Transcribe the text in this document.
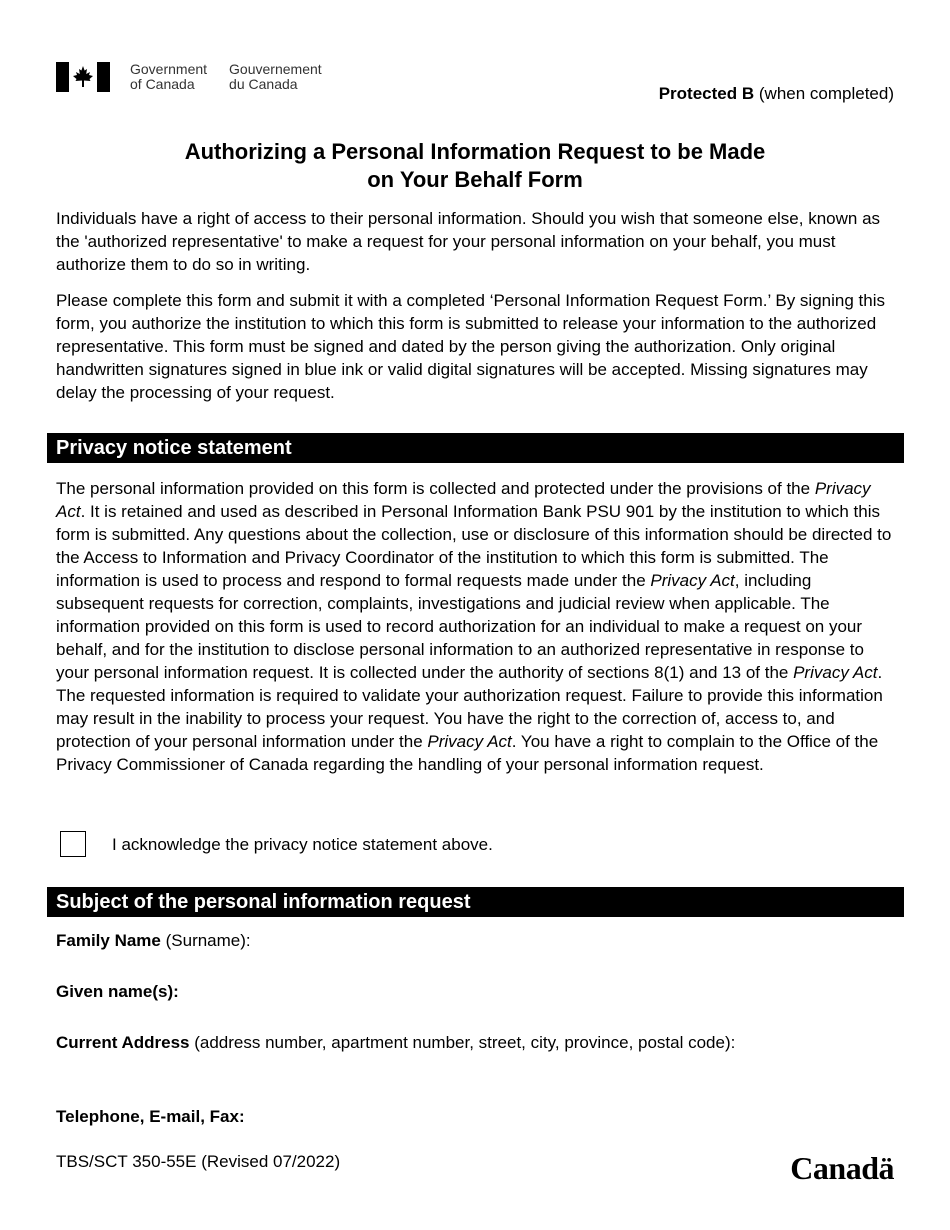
Government
of Canada
Gouvernement
du Canada	Protected B (when completed)
Authorizing a Personal Information Request to be Made
on Your Behalf Form

Individuals have a right of access to their personal information. Should you wish that someone else, known as the 'authorized representative' to make a request for your personal information on your behalf, you must authorize them to do so in writing.

Please complete this form and submit it with a completed ‘Personal Information Request Form.’ By signing this form, you authorize the institution to which this form is submitted to release your information to the authorized representative. This form must be signed and dated by the person giving the authorization. Only original handwritten signatures signed in blue ink or valid digital signatures will be accepted. Missing signatures may delay the processing of your request.

Privacy notice statement

The personal information provided on this form is collected and protected under the provisions of the Privacy Act. It is retained and used as described in Personal Information Bank PSU 901 by the institution to which this form is submitted. Any questions about the collection, use or disclosure of this information should be directed to the Access to Information and Privacy Coordinator of the institution to which this form is submitted. The information is used to process and respond to formal requests made under the Privacy Act, including subsequent requests for correction, complaints, investigations and judicial review when applicable. The information provided on this form is used to record authorization for an individual to make a request on your behalf, and for the institution to disclose personal information to an authorized representative in response to your personal information request. It is collected under the authority of sections 8(1) and 13 of the Privacy Act. The requested information is required to validate your authorization request. Failure to provide this information may result in the inability to process your request. You have the right to the correction of, access to, and protection of your personal information under the Privacy Act. You have a right to complain to the Office of the Privacy Commissioner of Canada regarding the handling of your personal information request.

I acknowledge the privacy notice statement above.
Subject of the personal information request
Family Name (Surname):
Given name(s):
Current Address (address number, apartment number, street, city, province, postal code):
Telephone, E-mail, Fax:
TBS/SCT 350-55E (Revised 07/2022)	Canadä
